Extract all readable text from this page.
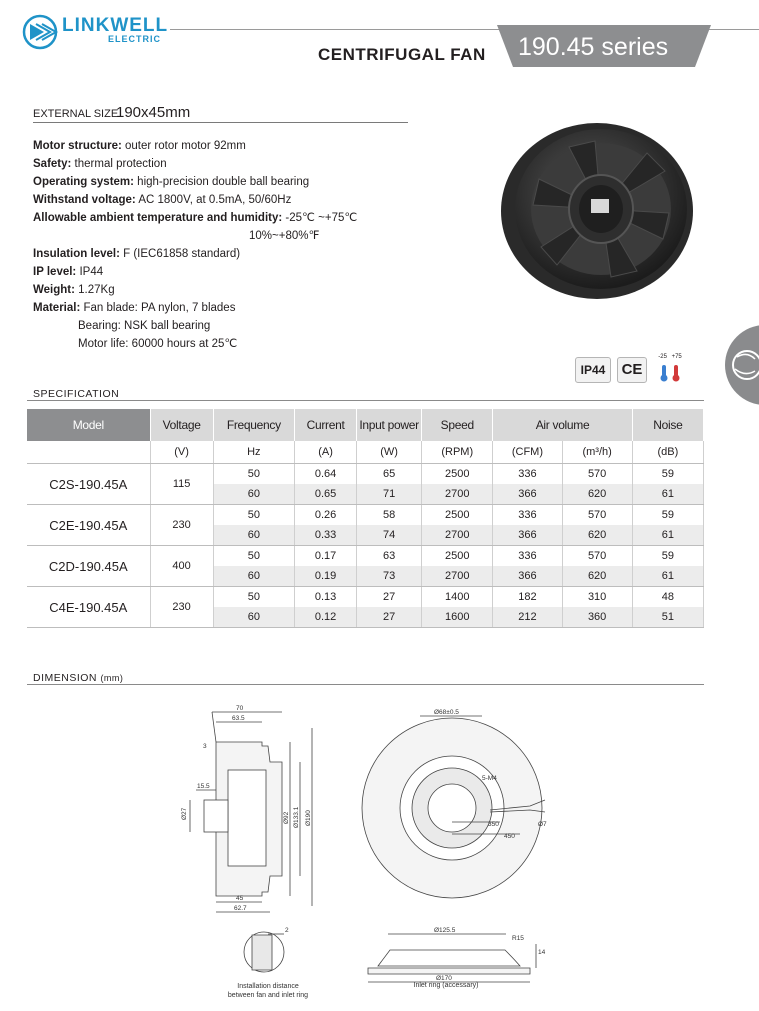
LINKWELL
ELECTRIC
CENTRIFUGAL FAN 190.45 series
EXTERNAL SIZE
190x45mm
Motor structure: outer rotor motor 92mm
Safety: thermal protection
Operating system: high-precision double ball bearing
Withstand voltage: AC 1800V, at 0.5mA, 50/60Hz
Allowable ambient temperature and humidity: -25℃ ~+75℃
10%~+80%℉
Insulation level: F (IEC61858 standard)
IP level: IP44
Weight: 1.27Kg
Material: Fan blade: PA nylon, 7 blades
Bearing: NSK ball bearing
Motor life: 60000 hours at 25℃
IP44	CE
-25 +75
SPECIFICATION
Model	Voltage	Frequency	Current	Input power	Speed	Air volume		Noise
	(V)	Hz	(A)	(W)	(RPM)	(CFM)	(m³/h)	(dB)
C2S-190.45A	115	50	0.64	65	2500	336	570	59
		60	0.65	71	2700	366	620	61
C2E-190.45A	230	50	0.26	58	2500	336	570	59
		60	0.33	74	2700	366	620	61
C2D-190.45A	400	50	0.17	63	2500	336	570	59
		60	0.19	73	2700	366	620	61
C4E-190.45A	230	50	0.13	27	1400	182	310	48
		60	0.12	27	1600	212	360	51
DIMENSION (mm)
70
63.5
3
15.5
Ø27	Ø92 Ø133.1 Ø190
45
62.7
Ø68±0.5
5-M4
350
450
Ø7
2	Ø125.5
R15
14
Ø170
Installation distance
between fan and inlet ring
Inlet ring (accessary)
